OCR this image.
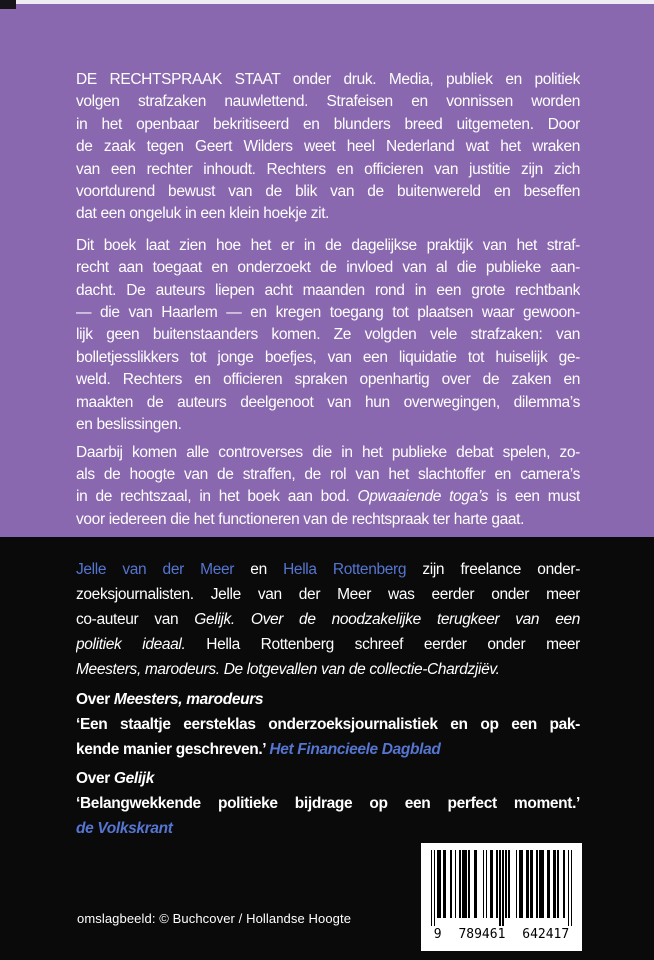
DE RECHTSPRAAK STAAT onder druk. Media, publiek en politiek
volgen strafzaken nauwlettend. Strafeisen en vonnissen worden
in het openbaar bekritiseerd en blunders breed uitgemeten. Door
de zaak tegen Geert Wilders weet heel Nederland wat het wraken
van een rechter inhoudt. Rechters en officieren van justitie zijn zich
voortdurend bewust van de blik van de buitenwereld en beseffen
dat een ongeluk in een klein hoekje zit.
Dit boek laat zien hoe het er in de dagelijkse praktijk van het straf-
recht aan toegaat en onderzoekt de invloed van al die publieke aan-
dacht. De auteurs liepen acht maanden rond in een grote rechtbank
— die van Haarlem — en kregen toegang tot plaatsen waar gewoon-
lijk geen buitenstaanders komen. Ze volgden vele strafzaken: van
bolletjesslikkers tot jonge boefjes, van een liquidatie tot huiselijk ge-
weld. Rechters en officieren spraken openhartig over de zaken en
maakten de auteurs deelgenoot van hun overwegingen, dilemma’s
en beslissingen.
Daarbij komen alle controverses die in het publieke debat spelen, zo-
als de hoogte van de straffen, de rol van het slachtoffer en camera’s
in de rechtszaal, in het boek aan bod. Opwaaiende toga’s is een must
voor iedereen die het functioneren van de rechtspraak ter harte gaat.
Jelle van der Meer en Hella Rottenberg zijn freelance onder-
zoeksjournalisten. Jelle van der Meer was eerder onder meer
co-auteur van Gelijk. Over de noodzakelijke terugkeer van een
politiek ideaal. Hella Rottenberg schreef eerder onder meer
Meesters, marodeurs. De lotgevallen van de collectie-Chardzjiëv.
Over Meesters, marodeurs
‘Een staaltje eersteklas onderzoeksjournalistiek en op een pak-
kende manier geschreven.’ Het Financieele Dagblad
Over Gelijk
‘Belangwekkende politieke bijdrage op een perfect moment.’
de Volkskrant
omslagbeeld: © Buchcover / Hollandse Hoogte
9 789461 642417
